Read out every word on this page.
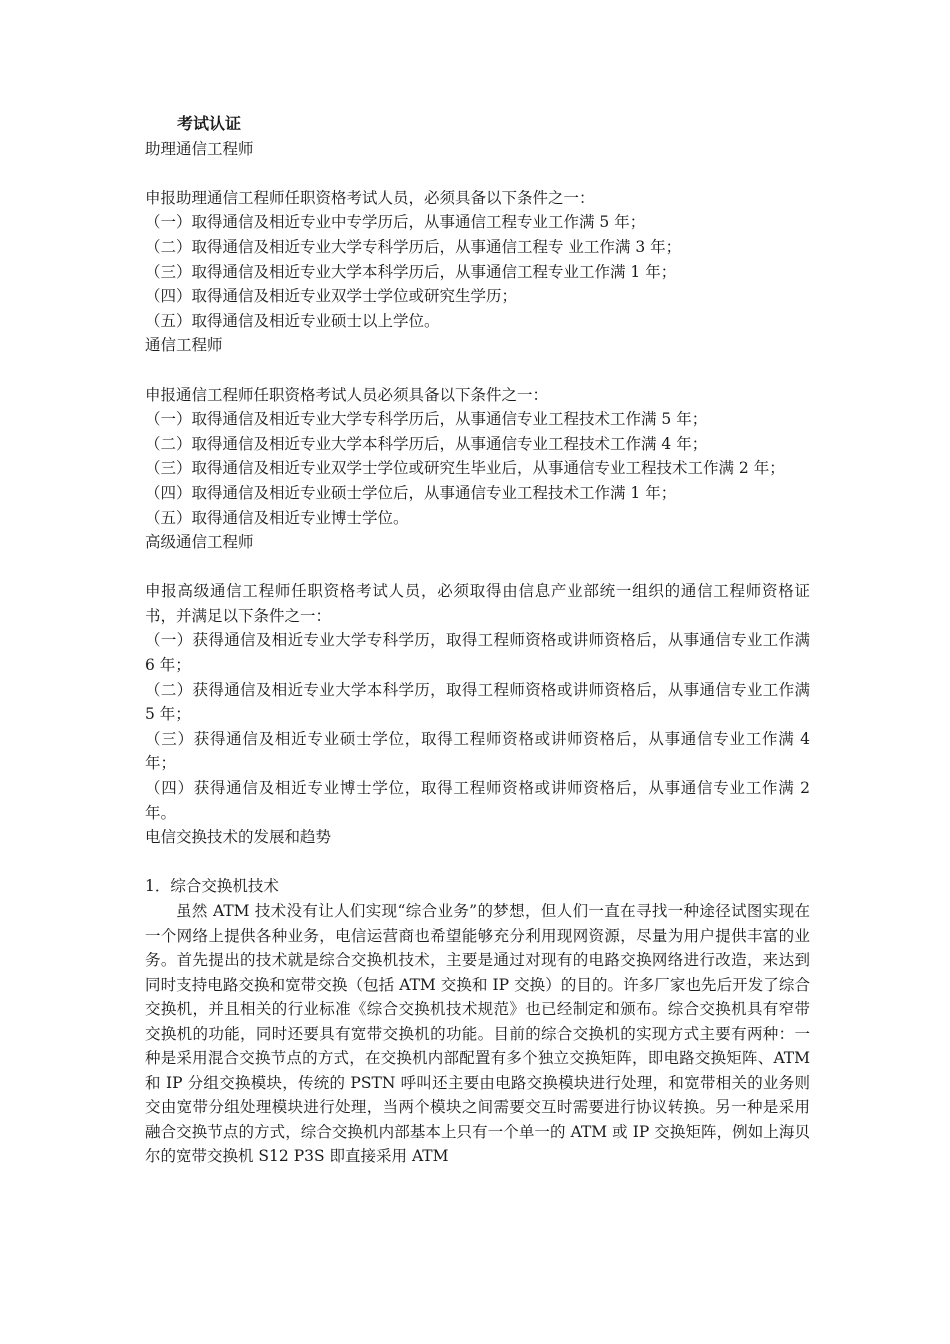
考试认证
助理通信工程师
申报助理通信工程师任职资格考试人员，必须具备以下条件之一：
（一）取得通信及相近专业中专学历后，从事通信工程专业工作满 5 年；
（二）取得通信及相近专业大学专科学历后，从事通信工程专 业工作满 3 年；
（三）取得通信及相近专业大学本科学历后，从事通信工程专业工作满 1 年；
（四）取得通信及相近专业双学士学位或研究生学历；
（五）取得通信及相近专业硕士以上学位。
通信工程师
申报通信工程师任职资格考试人员必须具备以下条件之一：
（一）取得通信及相近专业大学专科学历后，从事通信专业工程技术工作满 5 年；
（二）取得通信及相近专业大学本科学历后，从事通信专业工程技术工作满 4 年；
（三）取得通信及相近专业双学士学位或研究生毕业后，从事通信专业工程技术工作满 2 年；
（四）取得通信及相近专业硕士学位后，从事通信专业工程技术工作满 1 年；
（五）取得通信及相近专业博士学位。
高级通信工程师
申报高级通信工程师任职资格考试人员，必须取得由信息产业部统一组织的通信工程师资格证书，并满足以下条件之一：
（一）获得通信及相近专业大学专科学历，取得工程师资格或讲师资格后，从事通信专业工作满 6 年；
（二）获得通信及相近专业大学本科学历，取得工程师资格或讲师资格后，从事通信专业工作满 5 年；
（三）获得通信及相近专业硕士学位，取得工程师资格或讲师资格后，从事通信专业工作满 4 年；
（四）获得通信及相近专业博士学位，取得工程师资格或讲师资格后，从事通信专业工作满 2 年。
电信交换技术的发展和趋势
1．综合交换机技术
虽然 ATM 技术没有让人们实现“综合业务”的梦想，但人们一直在寻找一种途径试图实现在一个网络上提供各种业务，电信运营商也希望能够充分利用现网资源，尽量为用户提供丰富的业务。首先提出的技术就是综合交换机技术，主要是通过对现有的电路交换网络进行改造，来达到同时支持电路交换和宽带交换（包括 ATM 交换和 IP 交换）的目的。许多厂家也先后开发了综合交换机，并且相关的行业标准《综合交换机技术规范》也已经制定和颁布。综合交换机具有窄带交换机的功能，同时还要具有宽带交换机的功能。目前的综合交换机的实现方式主要有两种：一种是采用混合交换节点的方式，在交换机内部配置有多个独立交换矩阵，即电路交换矩阵、ATM 和 IP 分组交换模块，传统的 PSTN 呼叫还主要由电路交换模块进行处理，和宽带相关的业务则交由宽带分组处理模块进行处理，当两个模块之间需要交互时需要进行协议转换。另一种是采用融合交换节点的方式，综合交换机内部基本上只有一个单一的 ATM 或 IP 交换矩阵，例如上海贝尔的宽带交换机 S12 P3S 即直接采用 ATM
